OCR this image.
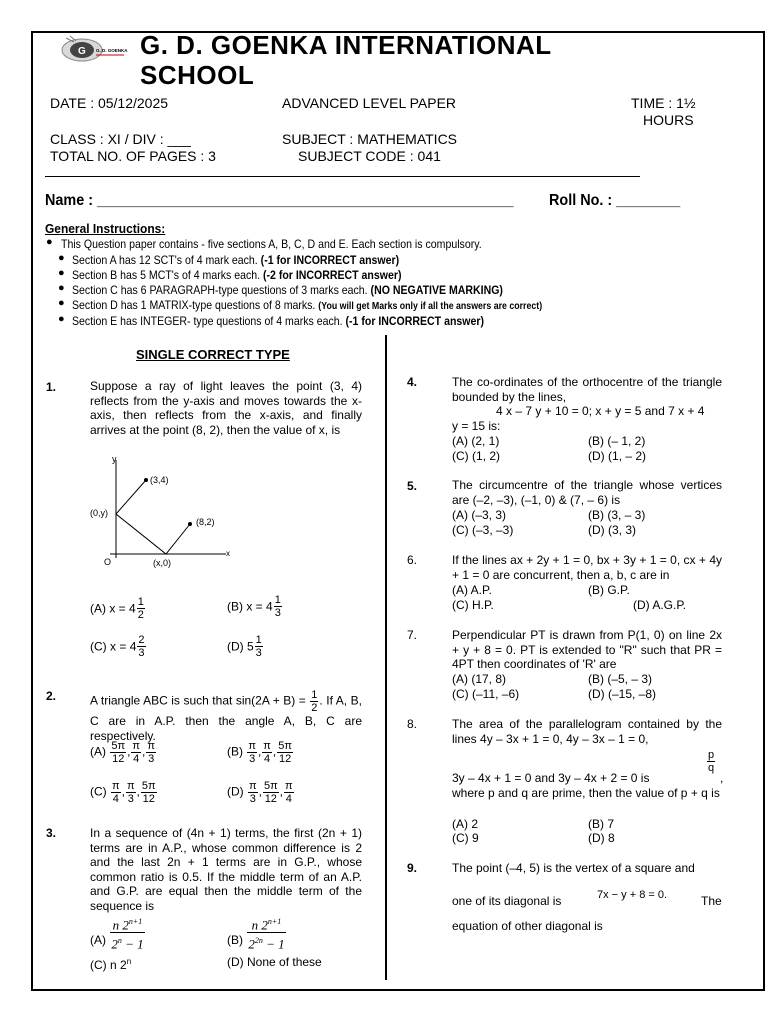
G G. D. GOENKA G. D. GOENKA INTERNATIONAL SCHOOL
DATE : 05/12/2025	ADVANCED LEVEL PAPER	TIME : 1½
HOURS
CLASS : XI / DIV : ___	SUBJECT : MATHEMATICS
TOTAL NO. OF PAGES : 3	SUBJECT CODE : 041
Name : ____________________________________________________ Roll No. : ________
General Instructions:
● This Question paper contains - five sections A, B, C, D and E. Each section is compulsory.
● Section A has 12 SCT's of 4 mark each. (-1 for INCORRECT answer)
● Section B has 5 MCT's of 4 marks each. (-2 for INCORRECT answer)
● Section C has 6 PARAGRAPH-type questions of 3 marks each. (NO NEGATIVE MARKING)
● Section D has 1 MATRIX-type questions of 8 marks. (You will get Marks only if all the answers are correct)
● Section E has INTEGER- type questions of 4 marks each. (-1 for INCORRECT answer)
SINGLE CORRECT TYPE
1.	Suppose a ray of light leaves the point (3, 4) reflects from the y-axis and moves towards the x-axis, then reflects from the x-axis, and finally arrives at the point (8, 2), then the value of x, is
y
x
O
(3,4)
(0,y)
(8,2)
(x,0)
(A) $x = 4 \frac{1}{2}$	(B) $x = 4 \frac{1}{3}$
(C) $x = 4 \frac{2}{3}$	(D) $5 \frac{1}{3}$
2.	A triangle ABC is such that $\sin(2A + B) = \frac{1}{2}$ . If A, B, C are in A.P. then the angle A, B, C are respectively.
$(A) \frac{5\pi}{12}$ , $\frac{\pi}{4}$ , $\frac{\pi}{3}$	$(B) \frac{\pi}{3}$ , $\frac{\pi}{4}$ , $\frac{5\pi}{12}$
$(C) \frac{\pi}{4}$ , $\frac{\pi}{3}$ , $\frac{5\pi}{12}$	$(D) \frac{\pi}{3}$ , $\frac{5\pi}{12}$ , $\frac{\pi}{4}$
3.	In a sequence of (4n + 1) terms, the first (2n + 1) terms are in A.P., whose common difference is 2 and the last 2n + 1 terms are in G.P., whose common ratio is 0.5. If the middle term of an A.P. and G.P. are equal then the middle term of the sequence is
$(A) \frac{n 2^{n+1}}{2^n - 1}$	$(B) \frac{n 2^{n+1}}{2^{2n} - 1}$
(C) n 2$^n$	(D) None of these
4.	The co-ordinates of the orthocentre of the triangle bounded by the lines,
4 x – 7 y + 10 = 0; x + y = 5 and 7 x + 4
y = 15 is:
(A) (2, 1)	(B) (– 1, 2)
(C) (1, 2)	(D) (1, – 2)
5.	The circumcentre of the triangle whose vertices are (–2, –3), (–1, 0) & (7, – 6) is
(A) (–3, 3)	(B) (3, – 3)
(C) (–3, –3)	(D) (3, 3)
6.	If the lines ax + 2y + 1 = 0, bx + 3y + 1 = 0, cx + 4y + 1 = 0 are concurrent, then a, b, c are in
(A) A.P.	(B) G.P.
(C) H.P.	(D) A.G.P.
7.	Perpendicular PT is drawn from P(1, 0) on line 2x + y + 8 = 0. PT is extended to "R" such that PR = 4PT then coordinates of 'R' are
(A) (17, 8)	(B) (–5, – 3)
(C) (–11, –6)	(D) (–15, –8)
8.	The area of the parallelogram contained by the lines 4y – 3x + 1 = 0, 4y – 3x – 1 = 0,
3y – 4x + 1 = 0 and 3y – 4x + 2 = 0 is
$\frac{p}{q}$
, where p and q are prime, then the value of p + q is
(A) 2	(B) 7
(C) 9	(D) 8
9.	The point (–4, 5) is the vertex of a square and
one of its diagonal is	7x − y + 8 = 0.	The
equation of other diagonal is
